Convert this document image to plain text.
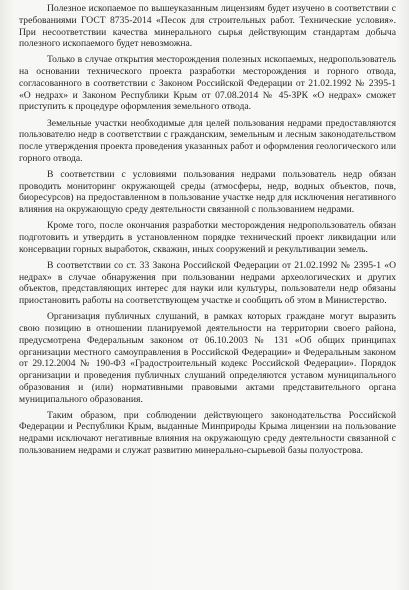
Полезное ископаемое по вышеуказанным лицензиям будет изучено в соответствии с требованиями ГОСТ 8735-2014 «Песок для строительных работ. Технические условия». При несоответствии качества минерального сырья действующим стандартам добыча полезного ископаемого будет невозможна.

Только в случае открытия месторождения полезных ископаемых, недропользователь на основании технического проекта разработки месторождения и горного отвода, согласованного в соответствии с Законом Российской Федерации от 21.02.1992 № 2395-1 «О недрах» и Законом Республики Крым от 07.08.2014 № 45-ЗРК «О недрах» сможет приступить к процедуре оформления земельного отвода.

Земельные участки необходимые для целей пользования недрами предоставляются пользователю недр в соответствии с гражданским, земельным и лесным законодательством после утверждения проекта проведения указанных работ и оформления геологического или горного отвода.

В соответствии с условиями пользования недрами пользователь недр обязан проводить мониторинг окружающей среды (атмосферы, недр, водных объектов, почв, биоресурсов) на предоставленном в пользование участке недр для исключения негативного влияния на окружающую среду деятельности связанной с пользованием недрами.

Кроме того, после окончания разработки месторождения недропользователь обязан подготовить и утвердить в установленном порядке технический проект ликвидации или консервации горных выработок, скважин, иных сооружений и рекультивации земель.

В соответствии со ст. 33 Закона Российской Федерации от 21.02.1992 № 2395-1 «О недрах» в случае обнаружения при пользовании недрами археологических и других объектов, представляющих интерес для науки или культуры, пользователи недр обязаны приостановить работы на соответствующем участке и сообщить об этом в Министерство.

Организация публичных слушаний, в рамках которых граждане могут выразить свою позицию в отношении планируемой деятельности на территории своего района, предусмотрена Федеральным законом от 06.10.2003 № 131 «Об общих принципах организации местного самоуправления в Российской Федерации» и Федеральным законом от 29.12.2004 № 190-ФЗ «Градостроительный кодекс Российской Федерации». Порядок организации и проведения публичных слушаний определяются уставом муниципального образования и (или) нормативными правовыми актами представительного органа муниципального образования.

Таким образом, при соблюдении действующего законодательства Российской Федерации и Республики Крым, выданные Минприроды Крыма лицензии на пользование недрами исключают негативные влияния на окружающую среду деятельности связанной с пользованием недрами и служат развитию минерально-сырьевой базы полуострова.
